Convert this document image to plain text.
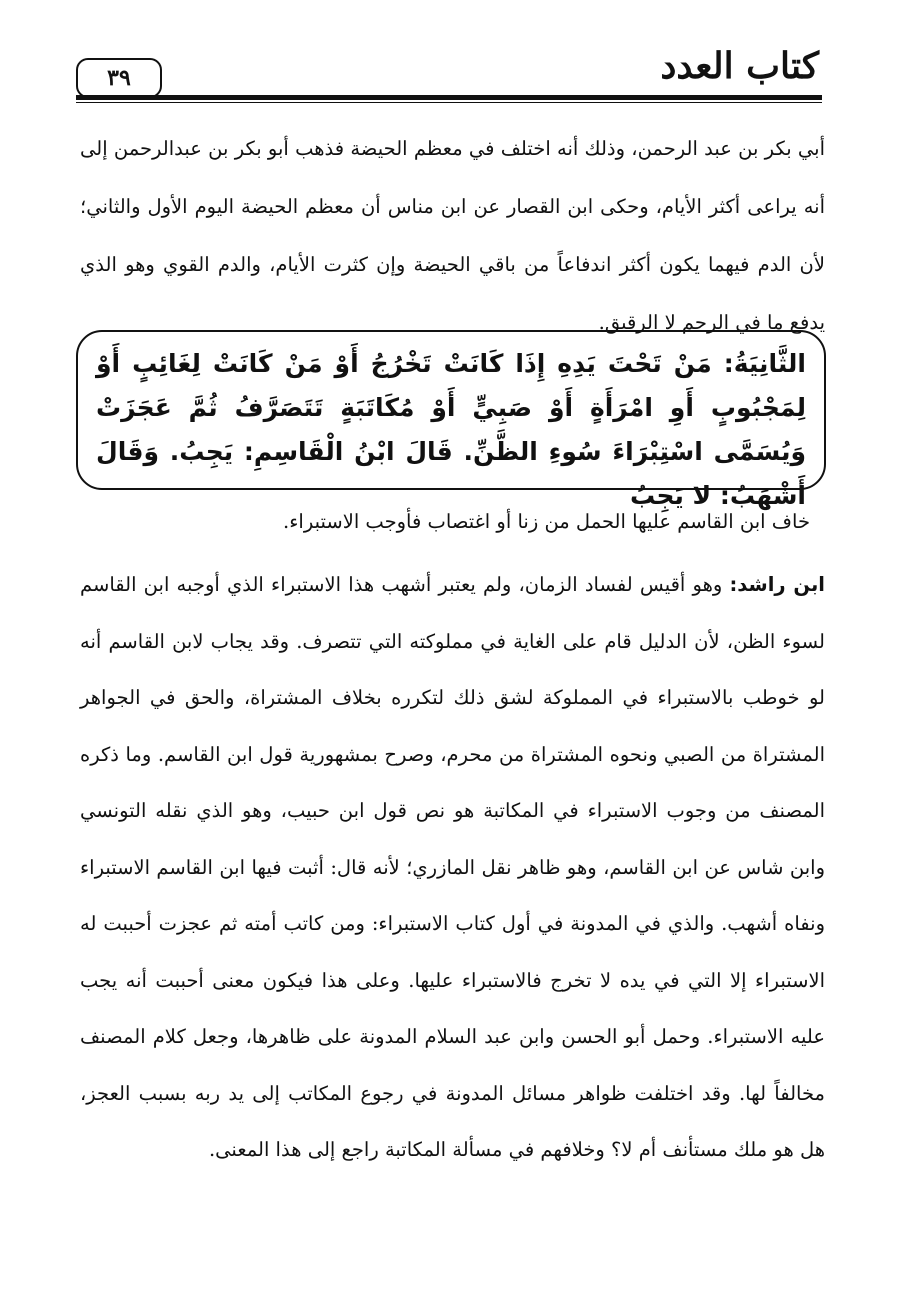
٣٩	كتاب العدد
أبي بكر بن عبد الرحمن، وذلك أنه اختلف في معظم الحيضة فذهب أبو بكر بن عبدالرحمن إلى أنه يراعى أكثر الأيام، وحكى ابن القصار عن ابن مناس أن معظم الحيضة اليوم الأول والثاني؛ لأن الدم فيهما يكون أكثر اندفاعاً من باقي الحيضة وإن كثرت الأيام، والدم القوي وهو الذي يدفع ما في الرحم لا الرقيق.
الثَّانِيَةُ: مَنْ تَحْتَ يَدِهِ إِذَا كَانَتْ تَخْرُجُ أَوْ مَنْ كَانَتْ لِغَائِبٍ أَوْ لِمَجْبُوبٍ أَوِ امْرَأَةٍ أَوْ صَبِيٍّ أَوْ مُكَاتَبَةٍ تَتَصَرَّفُ ثُمَّ عَجَزَتْ وَيُسَمَّى اسْتِبْرَاءَ سُوءِ الظَّنِّ. قَالَ ابْنُ الْقَاسِمِ: يَجِبُ. وَقَالَ أَشْهَبُ: لا يَجِبُ
خاف ابن القاسم عليها الحمل من زنا أو اغتصاب فأوجب الاستبراء.
ابن راشد: وهو أقيس لفساد الزمان، ولم يعتبر أشهب هذا الاستبراء الذي أوجبه ابن القاسم لسوء الظن، لأن الدليل قام على الغاية في مملوكته التي تتصرف. وقد يجاب لابن القاسم أنه لو خوطب بالاستبراء في المملوكة لشق ذلك لتكرره بخلاف المشتراة، والحق في الجواهر المشتراة من الصبي ونحوه المشتراة من محرم، وصرح بمشهورية قول ابن القاسم. وما ذكره المصنف من وجوب الاستبراء في المكاتبة هو نص قول ابن حبيب، وهو الذي نقله التونسي وابن شاس عن ابن القاسم، وهو ظاهر نقل المازري؛ لأنه قال: أثبت فيها ابن القاسم الاستبراء ونفاه أشهب. والذي في المدونة في أول كتاب الاستبراء: ومن كاتب أمته ثم عجزت أحببت له الاستبراء إلا التي في يده لا تخرج فالاستبراء عليها. وعلى هذا فيكون معنى أحببت أنه يجب عليه الاستبراء. وحمل أبو الحسن وابن عبد السلام المدونة على ظاهرها، وجعل كلام المصنف مخالفاً لها. وقد اختلفت ظواهر مسائل المدونة في رجوع المكاتب إلى يد ربه بسبب العجز، هل هو ملك مستأنف أم لا؟ وخلافهم في مسألة المكاتبة راجع إلى هذا المعنى.
